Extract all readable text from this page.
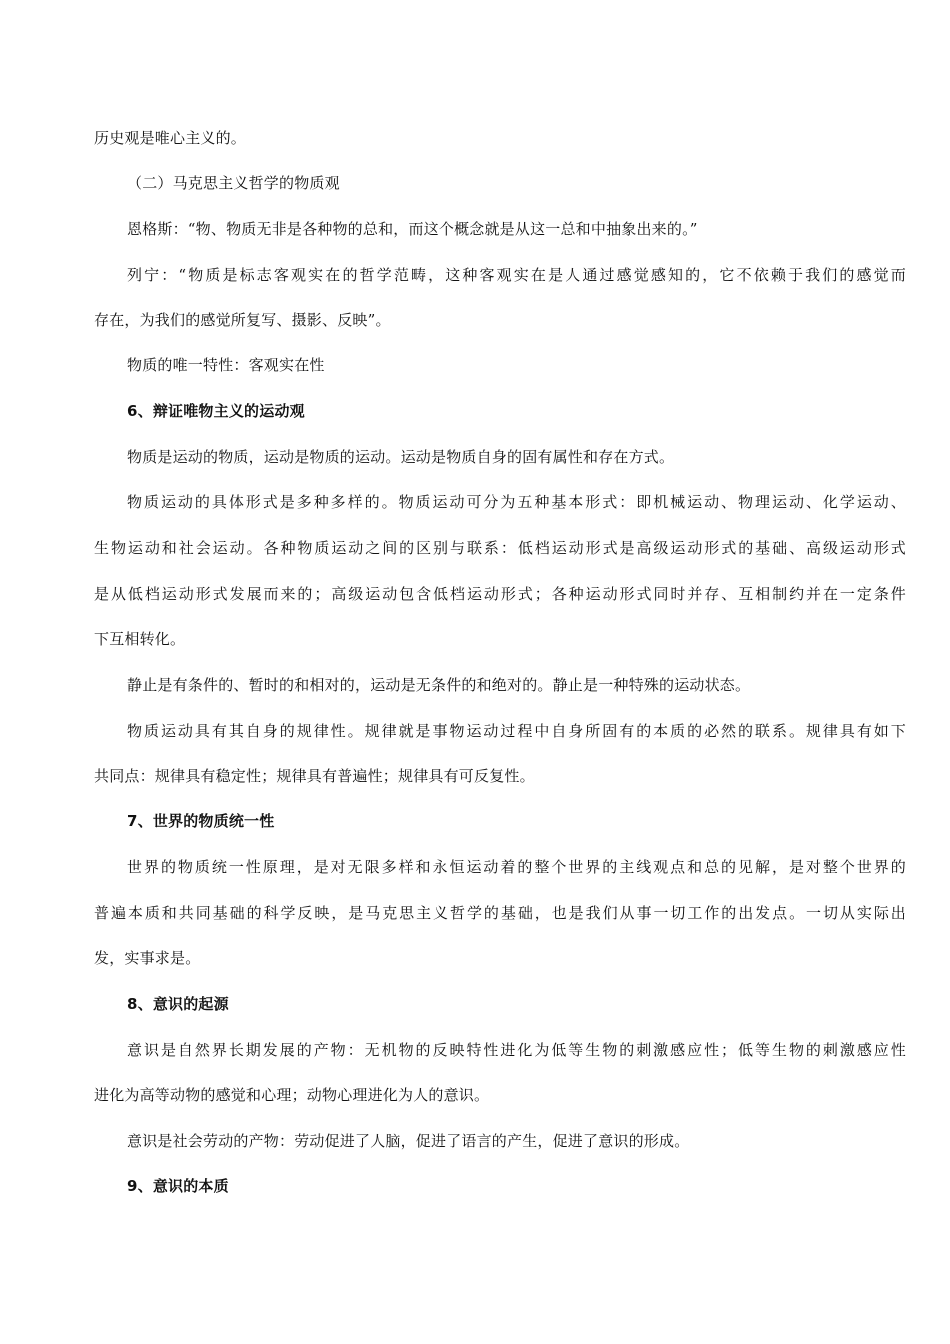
历史观是唯心主义的。
（二）马克思主义哲学的物质观
恩格斯：“物、物质无非是各种物的总和，而这个概念就是从这一总和中抽象出来的。”
列宁：“物质是标志客观实在的哲学范畴，这种客观实在是人通过感觉感知的，它不依赖于我们的感觉而
存在，为我们的感觉所复写、摄影、反映”。
物质的唯一特性：客观实在性
6、辩证唯物主义的运动观
物质是运动的物质，运动是物质的运动。运动是物质自身的固有属性和存在方式。
物质运动的具体形式是多种多样的。物质运动可分为五种基本形式：即机械运动、物理运动、化学运动、
生物运动和社会运动。各种物质运动之间的区别与联系：低档运动形式是高级运动形式的基础、高级运动形式
是从低档运动形式发展而来的；高级运动包含低档运动形式；各种运动形式同时并存、互相制约并在一定条件
下互相转化。
静止是有条件的、暂时的和相对的，运动是无条件的和绝对的。静止是一种特殊的运动状态。
物质运动具有其自身的规律性。规律就是事物运动过程中自身所固有的本质的必然的联系。规律具有如下
共同点：规律具有稳定性；规律具有普遍性；规律具有可反复性。
7、世界的物质统一性
世界的物质统一性原理，是对无限多样和永恒运动着的整个世界的主线观点和总的见解，是对整个世界的
普遍本质和共同基础的科学反映，是马克思主义哲学的基础，也是我们从事一切工作的出发点。一切从实际出
发，实事求是。
8、意识的起源
意识是自然界长期发展的产物：无机物的反映特性进化为低等生物的刺激感应性；低等生物的刺激感应性
进化为高等动物的感觉和心理；动物心理进化为人的意识。
意识是社会劳动的产物：劳动促进了人脑，促进了语言的产生，促进了意识的形成。
9、意识的本质
